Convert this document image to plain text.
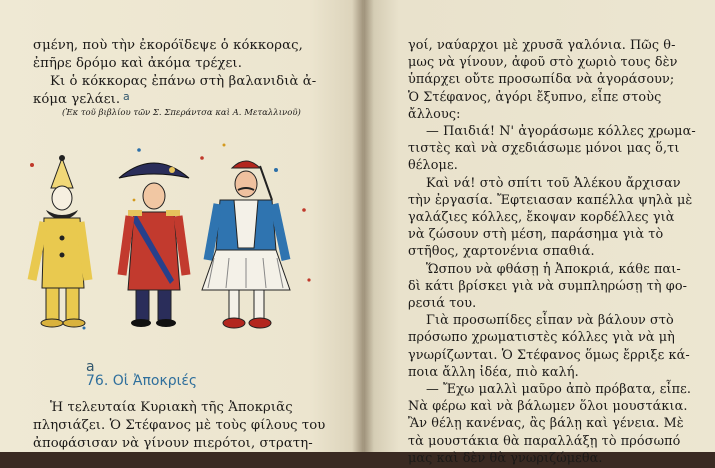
σμένη, ποὺ τὴν ἐκορόϊδεψε ὁ κόκκορας,
ἐπῆρε δρόμο καὶ ἀκόμα τρέχει.
Κι ὁ κόκκορας ἐπάνω στὴ βαλανιδιὰ ἀ-
κόμα γελάει. a
(Ἐκ τοῦ βιβλίου τῶν Σ. Σπεράντσα καὶ Α. Μεταλλινοῦ)
76. Οἱ Ἀποκριές
a
Ἡ τελευταία Κυριακὴ τῆς Ἀποκριᾶς
πλησιάζει. Ὁ Στέφανος μὲ τοὺς φίλους του
ἀποφάσισαν νὰ γίνουν πιερότοι, στρατη-
γοί, ναύαρχοι μὲ χρυσᾶ γαλόνια. Πῶς θ-
μως νὰ γίνουν, ἀφοῦ στὸ χωριὸ τους δὲν
ὑπάρχει οὔτε προσωπίδα νὰ ἀγοράσουν;
Ὁ Στέφανος, ἀγόρι ἔξυπνο, εἶπε στοὺς
ἄλλους:
— Παιδιά! Ν' ἀγοράσωμε κόλλες χρωμα-
τιστὲς καὶ νὰ σχεδιάσωμε μόνοι μας ὅ,τι
θέλομε.
Καὶ νά! στὸ σπίτι τοῦ Ἀλέκου ἄρχισαν
τὴν ἐργασία. Ἔφτειασαν καπέλλα ψηλὰ μὲ
γαλάζιες κόλλες, ἔκοψαν κορδέλλες γιὰ
νὰ ζώσουν στὴ μέση, παράσημα γιὰ τὸ
στῆθος, χαρτονένια σπαθιά.
Ὥσπου νὰ φθάσῃ ἡ Ἀποκριά, κάθε παι-
δὶ κάτι βρίσκει γιὰ νὰ συμπληρώσῃ τὴ φο-
ρεσιά του.
Γιὰ προσωπίδες εἶπαν νὰ βάλουν στὸ
πρόσωπο χρωματιστὲς κόλλες γιὰ νὰ μὴ
γνωρίζωνται. Ὁ Στέφανος ὅμως ἔρριξε κά-
ποια ἄλλη ἰδέα, πιὸ καλή.
— Ἔχω μαλλὶ μαῦρο ἀπὸ πρόβατα, εἶπε.
Νὰ φέρω καὶ νὰ βάλωμεν ὅλοι μουστάκια.
Ἂν θέλῃ κανένας, ἂς βάλῃ καὶ γένεια. Μὲ
τὰ μουστάκια θὰ παραλλάξῃ τὸ πρόσωπό
μας καὶ δὲν θὰ γνωριζώμεθα.
